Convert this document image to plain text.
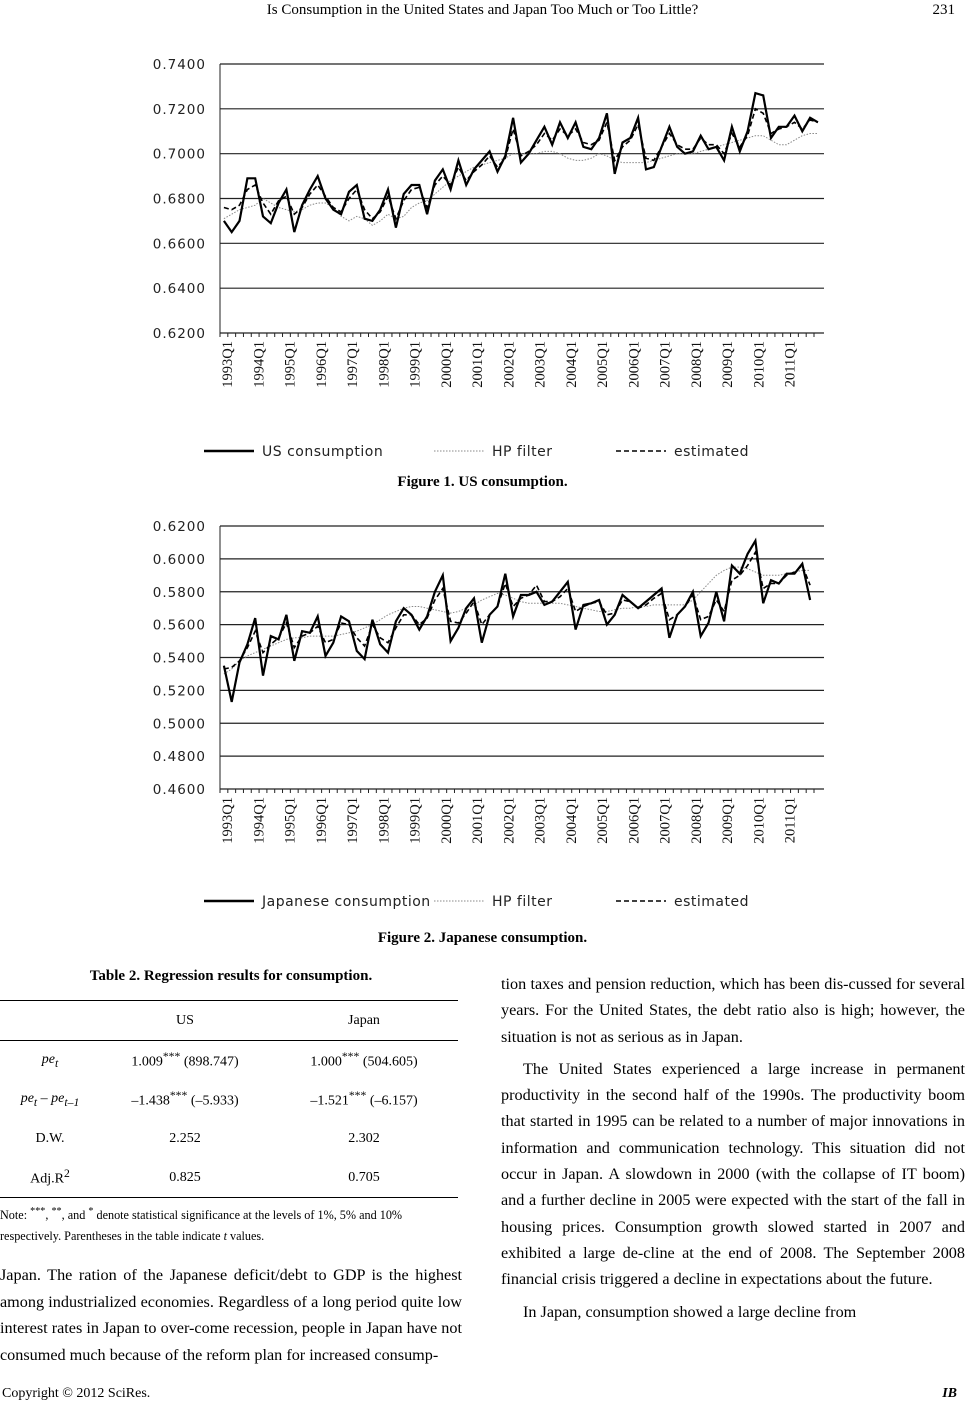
Is Consumption in the United States and Japan Too Much or Too Little?	231
0.7400
0.7200
0.7000
0.6800
0.6600
0.6400
0.6200
1993Q1 1994Q1 1995Q1 1996Q1 1997Q1 1998Q1 1999Q1 2000Q1 2001Q1 2002Q1 2003Q1 2004Q1 2005Q1 2006Q1 2007Q1 2008Q1 2009Q1 2010Q1 2011Q1
US consumption	HP filter	estimated
Figure 1. US consumption.
0.6200
0.6000
0.5800
0.5600
0.5400
0.5200
0.5000
0.4800
0.4600
1993Q1 1994Q1 1995Q1 1996Q1 1997Q1 1998Q1 1999Q1 2000Q1 2001Q1 2002Q1 2003Q1 2004Q1 2005Q1 2006Q1 2007Q1 2008Q1 2009Q1 2010Q1 2011Q1
Japanese consumption	HP filter	estimated
Figure 2. Japanese consumption.
Table 2. Regression results for consumption.
	US	Japan
$pe_t$	1.009*** (898.747)	1.000*** (504.605)
$pe_t - pe_{t-1}$	–1.438*** (–5.933)	–1.521*** (–6.157)
D.W.	2.252	2.302
$Adj.R^2$	0.825	0.705
Note: ***, **, and * denote statistical significance at the levels of 1%, 5% and 10% respectively. Parentheses in the table indicate t values.

Japan. The ration of the Japanese deficit/debt to GDP is the highest among industrialized economies. Regardless of a long period quite low interest rates in Japan to over-come recession, people in Japan have not consumed much because of the reform plan for increased consump-

tion taxes and pension reduction, which has been dis-cussed for several years. For the United States, the debt ratio also is high; however, the situation is not as serious as in Japan.

The United States experienced a large increase in permanent productivity in the second half of the 1990s. The productivity boom that started in 1995 can be related to a number of major innovations in information and communication technology. This situation did not occur in Japan. A slowdown in 2000 (with the collapse of IT boom) and a further decline in 2005 were expected with the start of the fall in housing prices. Consumption growth slowed started in 2007 and exhibited a large de-cline at the end of 2008. The September 2008 financial crisis triggered a decline in expectations about the future.

In Japan, consumption showed a large decline from

Copyright © 2012 SciRes.	IB
